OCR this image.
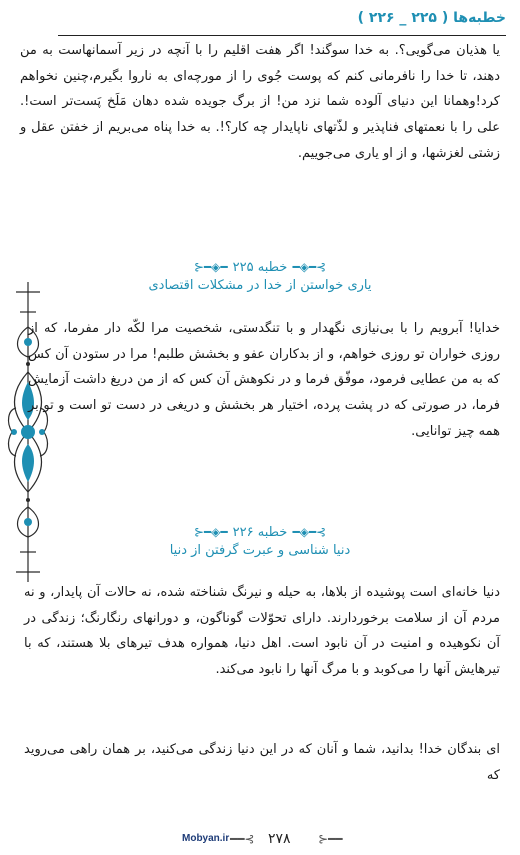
خطبه‌ها ( ۲۲۵ _ ۲۲۶ )
یا هذیان می‌گویی؟. به خدا سوگند! اگر هفت اقلیم را با آنچه در زیر آسمانهاست به من دهند، تا خدا را نافرمانی کنم که پوست جُوی را از مورچه‌ای به ناروا بگیرم،چنین نخواهم کرد!وهمانا این دنیای آلوده شما نزد من! از برگ جویده شده دهان مَلَخ پَست‌تر است!. علی را با نعمتهای فناپذیر و لذّتهای ناپایدار چه کار؟!. به خدا پناه می‌بریم از خفتن عقل و زشتی لغزشها، و از او یاری می‌جوییم.
⊱━◈━ خطبه ۲۲۵ ━◈━⊰
یاری خواستن از خدا در مشکلات اقتصادی
خدایا! آبرویم را با بی‌نیازی نگهدار و با تنگدستی، شخصیت مرا لکّه دار مفرما، که از روزی خواران تو روزی خواهم، و از بدکاران عفو و بخشش طلبم! مرا در ستودن آن کس که به من عطایی فرمود، موفّق فرما و در نکوهش آن کس که از من دریغ داشت آزمایش فرما، در صورتی که در پشت پرده، اختیار هر بخشش و دریغی در دست تو است و تو بر همه چیز توانایی.
⊱━◈━ خطبه ۲۲۶ ━◈━⊰
دنیا شناسی و عبرت گرفتن از دنیا
دنیا خانه‌ای است پوشیده از بلاها، به حیله و نیرنگ شناخته شده، نه حالات آن پایدار، و نه مردم آن از سلامت برخوردارند. دارای تحوّلات گوناگون، و دورانهای رنگارنگ؛ زندگی در آن نکوهیده و امنیت در آن نابود است. اهل دنیا، همواره هدف تیرهای بلا هستند، که با تیرهایش آنها را می‌کوبد و با مرگ آنها را نابود می‌کند.
ای بندگان خدا! بدانید، شما و آنان که در این دنیا زندگی می‌کنید، بر همان راهی می‌روید که
Mobyan.ir ━━⊰ ۲۷۸ ⊱━━
